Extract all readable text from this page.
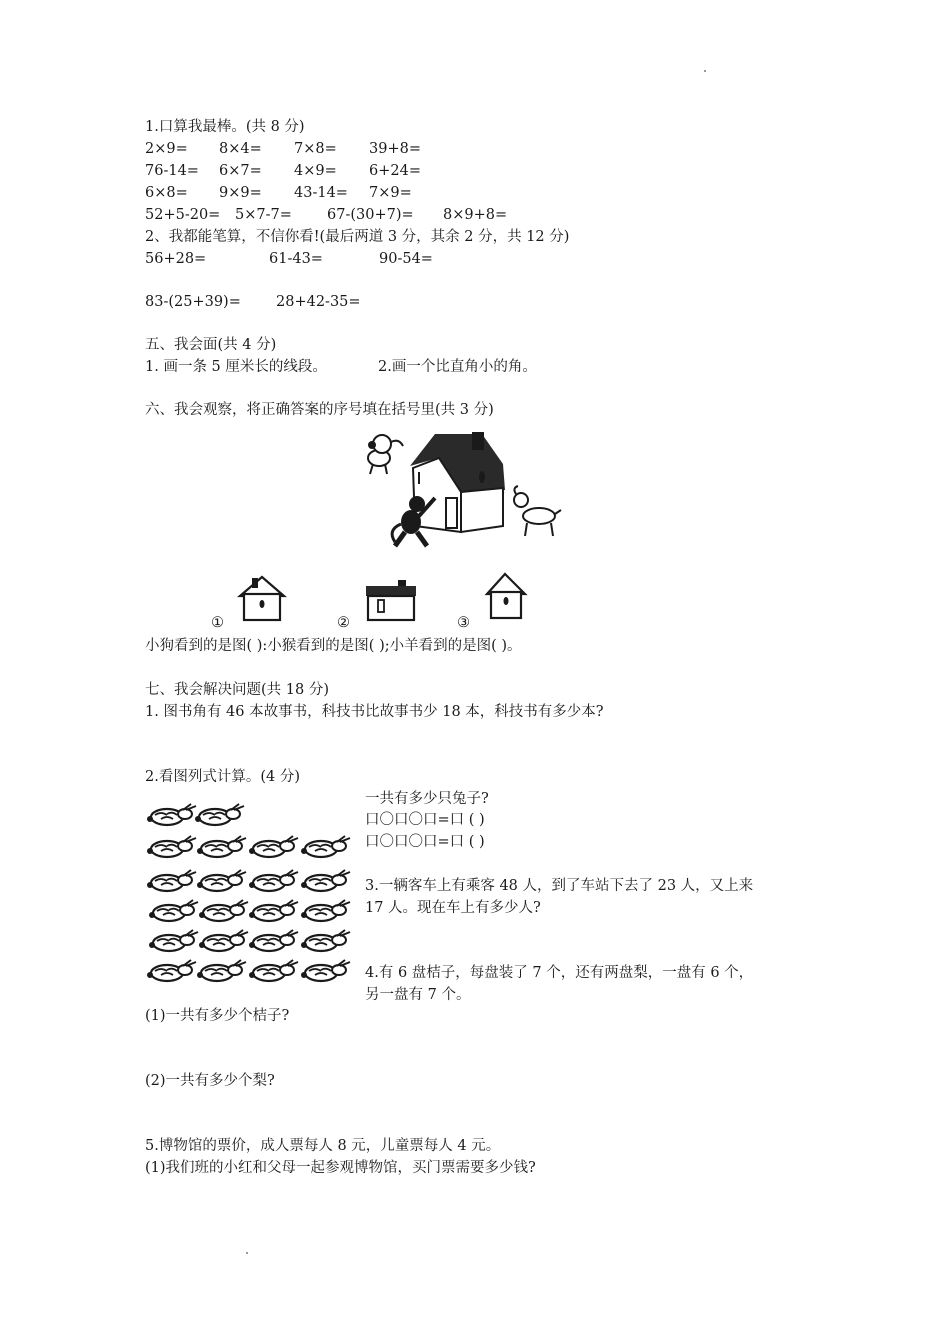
1.口算我最棒。(共 8 分)
2×9= 8×4= 7×8= 39+8=
76-14= 6×7= 4×9= 6+24=
6×8= 9×9= 43-14= 7×9=
52+5-20= 5×7-7= 67-(30+7)= 8×9+8=
2、我都能笔算，不信你看!(最后两道 3 分，其余 2 分，共 12 分)
56+28=	61-43=	90-54=
83-(25+39)= 28+42-35=
五、我会面(共 4 分)
1. 画一条 5 厘米长的线段。	2.画一个比直角小的角。
六、我会观察，将正确答案的序号填在括号里(共 3 分)
①	②	③
小狗看到的是图( ):小猴看到的是图( );小羊看到的是图( )。
七、我会解决问题(共 18 分)
1. 图书角有 46 本故事书，科技书比故事书少 18 本，科技书有多少本?
2.看图列式计算。(4 分)
一共有多少只兔子?
口〇口〇口=口 ( )
口〇口〇口=口 ( )
3.一辆客车上有乘客 48 人，到了车站下去了 23 人，又上来
17 人。现在车上有多少人?
4.有 6 盘桔子，每盘装了 7 个，还有两盘梨，一盘有 6 个，
另一盘有 7 个。
(1)一共有多少个桔子?
(2)一共有多少个梨?
5.博物馆的票价，成人票每人 8 元，儿童票每人 4 元。
(1)我们班的小红和父母一起参观博物馆，买门票需要多少钱?
